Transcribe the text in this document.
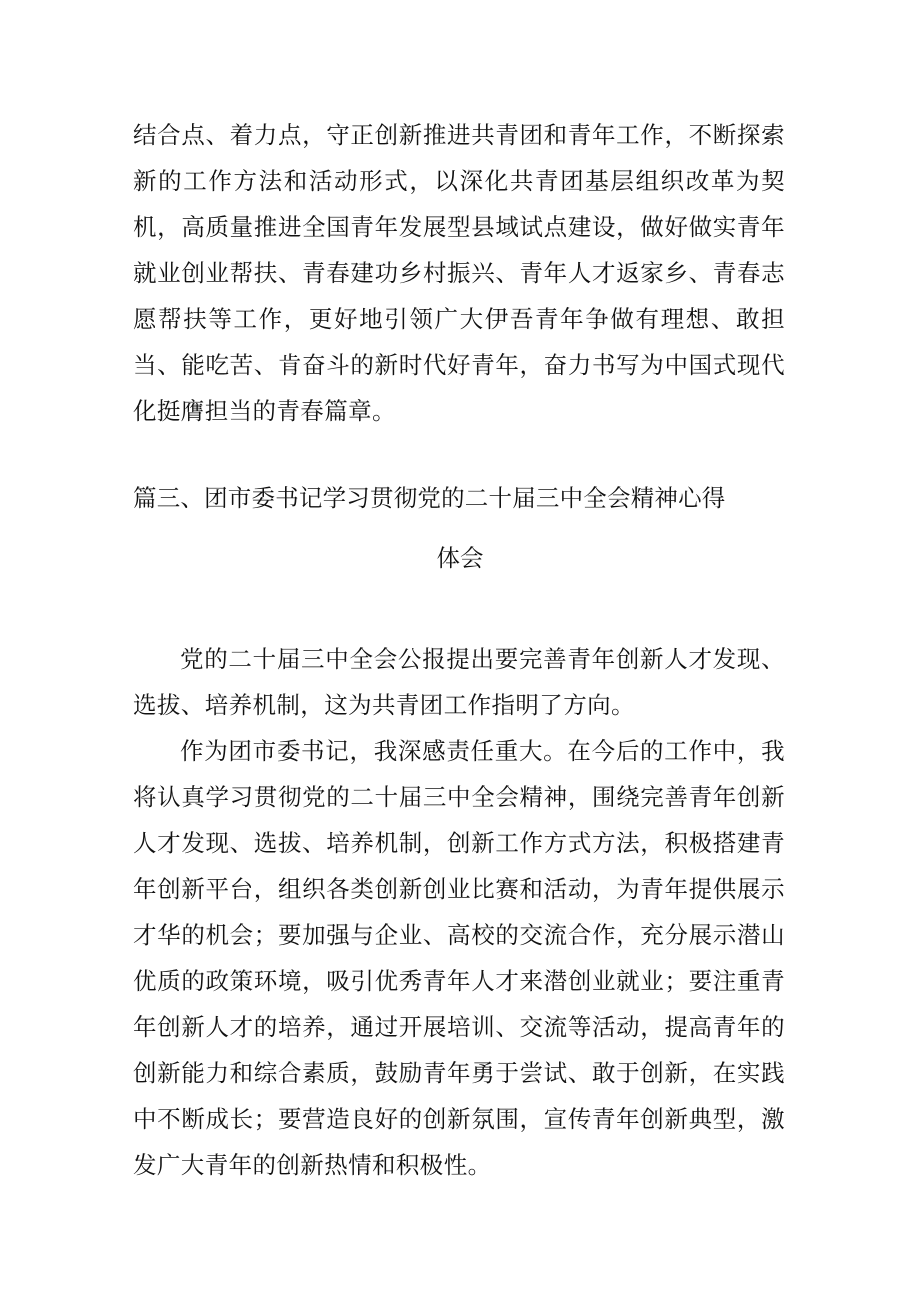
结合点、着力点，守正创新推进共青团和青年工作，不断探索新的工作方法和活动形式，以深化共青团基层组织改革为契机，高质量推进全国青年发展型县域试点建设，做好做实青年就业创业帮扶、青春建功乡村振兴、青年人才返家乡、青春志愿帮扶等工作，更好地引领广大伊吾青年争做有理想、敢担当、能吃苦、肯奋斗的新时代好青年，奋力书写为中国式现代化挺膺担当的青春篇章。
篇三、团市委书记学习贯彻党的二十届三中全会精神心得
体会
党的二十届三中全会公报提出要完善青年创新人才发现、选拔、培养机制，这为共青团工作指明了方向。
作为团市委书记，我深感责任重大。在今后的工作中，我将认真学习贯彻党的二十届三中全会精神，围绕完善青年创新人才发现、选拔、培养机制，创新工作方式方法，积极搭建青年创新平台，组织各类创新创业比赛和活动，为青年提供展示才华的机会；要加强与企业、高校的交流合作，充分展示潜山优质的政策环境，吸引优秀青年人才来潜创业就业；要注重青年创新人才的培养，通过开展培训、交流等活动，提高青年的创新能力和综合素质，鼓励青年勇于尝试、敢于创新，在实践中不断成长；要营造良好的创新氛围，宣传青年创新典型，激发广大青年的创新热情和积极性。
